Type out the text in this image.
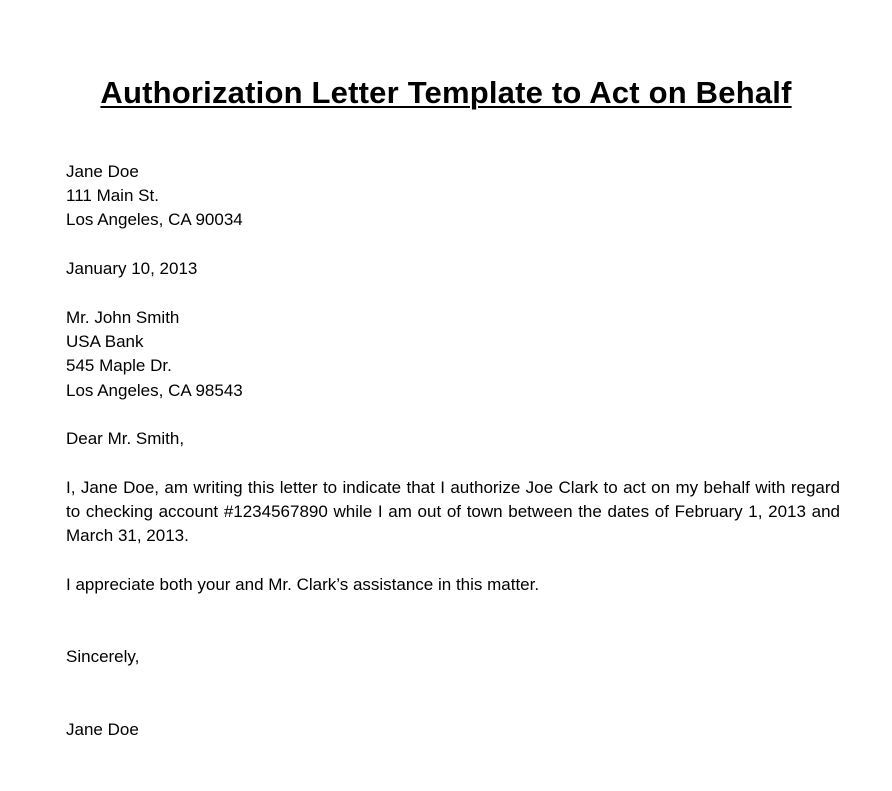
Authorization Letter Template to Act on Behalf
Jane Doe
111 Main St.
Los Angeles, CA 90034
January 10, 2013
Mr. John Smith
USA Bank
545 Maple Dr.
Los Angeles, CA 98543
Dear Mr. Smith,

I, Jane Doe, am writing this letter to indicate that I authorize Joe Clark to act on my behalf with regard to checking account #1234567890 while I am out of town between the dates of February 1, 2013 and March 31, 2013.

I appreciate both your and Mr. Clark’s assistance in this matter.

Sincerely,
Jane Doe
